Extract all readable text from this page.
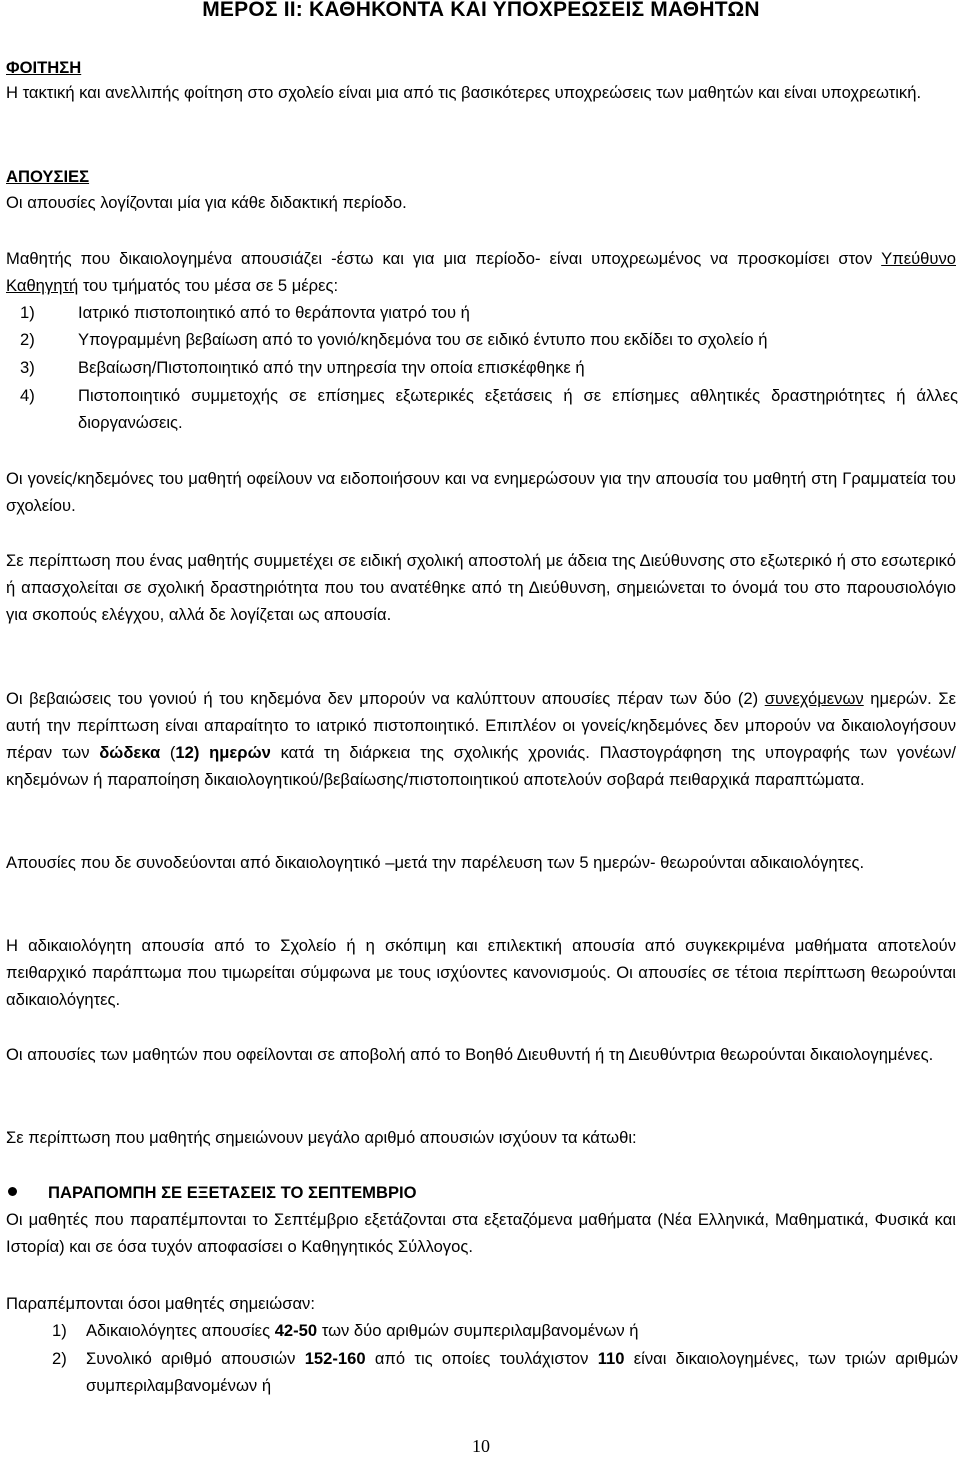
ΜΕΡΟΣ ΙΙ: ΚΑΘΗΚΟΝΤΑ ΚΑΙ ΥΠΟΧΡΕΩΣΕΙΣ ΜΑΘΗΤΩΝ
ΦΟΙΤΗΣΗ
Η τακτική και ανελλιπής φοίτηση στο σχολείο είναι μια από τις βασικότερες υποχρεώσεις των μαθητών και είναι υποχρεωτική.
ΑΠΟΥΣΙΕΣ
Οι απουσίες λογίζονται μία για κάθε διδακτική περίοδο.
Μαθητής που δικαιολογημένα απουσιάζει -έστω και για μια περίοδο- είναι υποχρεωμένος να προσκομίσει στον Υπεύθυνο Καθηγητή του τμήματός του μέσα σε 5 μέρες:
1)	Ιατρικό πιστοποιητικό από το θεράποντα γιατρό του ή
2)	Υπογραμμένη βεβαίωση από το γονιό/κηδεμόνα του σε ειδικό έντυπο που εκδίδει το σχολείο ή
3)	Βεβαίωση/Πιστοποιητικό από την υπηρεσία την οποία επισκέφθηκε ή
4)	Πιστοποιητικό συμμετοχής σε επίσημες εξωτερικές εξετάσεις ή σε επίσημες αθλητικές δραστηριότητες ή άλλες διοργανώσεις.
Οι γονείς/κηδεμόνες του μαθητή οφείλουν να ειδοποιήσουν και να ενημερώσουν για την απουσία του μαθητή στη Γραμματεία του σχολείου.
Σε περίπτωση που ένας μαθητής συμμετέχει σε ειδική σχολική αποστολή με άδεια της Διεύθυνσης στο εξωτερικό ή στο εσωτερικό ή απασχολείται σε σχολική δραστηριότητα που του ανατέθηκε από τη Διεύθυνση, σημειώνεται το όνομά του στο παρουσιολόγιο για σκοπούς ελέγχου, αλλά δε λογίζεται ως απουσία.
Οι βεβαιώσεις του γονιού ή του κηδεμόνα δεν μπορούν να καλύπτουν απουσίες πέραν των δύο (2) συνεχόμενων ημερών. Σε αυτή την περίπτωση είναι απαραίτητο το ιατρικό πιστοποιητικό. Επιπλέον οι γονείς/κηδεμόνες δεν μπορούν να δικαιολογήσουν πέραν των δώδεκα (12) ημερών κατά τη διάρκεια της σχολικής χρονιάς. Πλαστογράφηση της υπογραφής των γονέων/κηδεμόνων ή παραποίηση δικαιολογητικού/βεβαίωσης/πιστοποιητικού αποτελούν σοβαρά πειθαρχικά παραπτώματα.
Απουσίες που δε συνοδεύονται από δικαιολογητικό –μετά την παρέλευση των 5 ημερών- θεωρούνται αδικαιολόγητες.
Η αδικαιολόγητη απουσία από το Σχολείο ή η σκόπιμη και επιλεκτική απουσία από συγκεκριμένα μαθήματα αποτελούν πειθαρχικό παράπτωμα που τιμωρείται σύμφωνα με τους ισχύοντες κανονισμούς. Οι απουσίες σε τέτοια περίπτωση θεωρούνται αδικαιολόγητες.
Οι απουσίες των μαθητών που οφείλονται σε αποβολή από το Βοηθό Διευθυντή ή τη Διευθύντρια θεωρούνται δικαιολογημένες.
Σε περίπτωση που μαθητής σημειώνουν μεγάλο αριθμό απουσιών ισχύουν τα κάτωθι:
ΠΑΡΑΠΟΜΠΗ ΣΕ ΕΞΕΤΑΣΕΙΣ ΤΟ ΣΕΠΤΕΜΒΡΙΟ
Οι μαθητές που παραπέμπονται το Σεπτέμβριο εξετάζονται στα εξεταζόμενα μαθήματα (Νέα Ελληνικά, Μαθηματικά, Φυσικά και Ιστορία) και σε όσα τυχόν αποφασίσει ο Καθηγητικός Σύλλογος.
Παραπέμπονται όσοι μαθητές σημειώσαν:
1) Αδικαιολόγητες απουσίες 42-50 των δύο αριθμών συμπεριλαμβανομένων ή
2) Συνολικό αριθμό απουσιών 152-160 από τις οποίες τουλάχιστον 110 είναι δικαιολογημένες, των τριών αριθμών συμπεριλαμβανομένων ή
10
